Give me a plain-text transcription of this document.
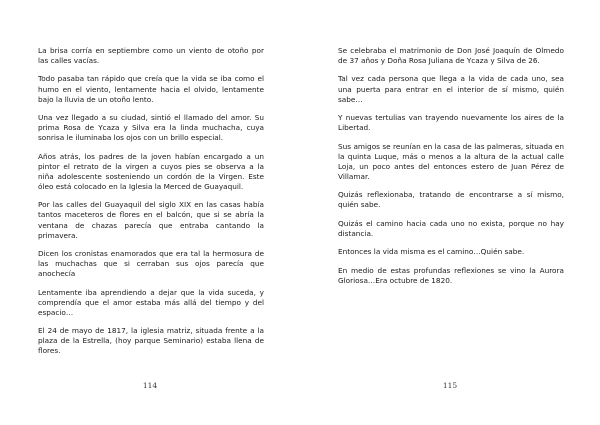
La brisa corría en septiembre como un viento de otoño por las calles vacías.

Todo pasaba tan rápido que creía que la vida se iba como el humo en el viento, lentamente hacia el olvido, lentamente bajo la lluvia de un otoño lento.

Una vez llegado a su ciudad, sintió el llamado del amor. Su prima Rosa de Ycaza y Silva era la linda muchacha, cuya sonrisa le iluminaba los ojos con un brillo especial.

Años atrás, los padres de la joven habían encargado a un pintor el retrato de la virgen a cuyos pies se observa a la niña adolescente sosteniendo un cordón de la Virgen. Este óleo está colocado en la Iglesia la Merced de Guayaquil.

Por las calles del Guayaquil del siglo XIX en las casas había tantos maceteros de flores en el balcón, que si se abría la ventana de chazas parecía que entraba cantando la primavera.

Dicen los cronistas enamorados que era tal la hermosura de las muchachas que si cerraban sus ojos parecía que anochecía

Lentamente iba aprendiendo a dejar que la vida suceda, y comprendía que el amor estaba más allá del tiempo y del espacio…

El 24 de mayo de 1817, la iglesia matriz, situada frente a la plaza de la Estrella, (hoy parque Seminario) estaba llena de flores.

114

Se celebraba el matrimonio de Don José Joaquín de Olmedo de 37 años y Doña Rosa Juliana de Ycaza y Silva de 26.

Tal vez cada persona que llega a la vida de cada uno, sea una puerta para entrar en el interior de sí mismo, quién sabe…

Y nuevas tertulias van trayendo nuevamente los aires de la Libertad.

Sus amigos se reunían en la casa de las palmeras, situada en la quinta Luque, más o menos a la altura de la actual calle Loja, un poco antes del entonces estero de Juan Pérez de Villamar.

Quizás reflexionaba, tratando de encontrarse a sí mismo, quién sabe.

Quizás el camino hacia cada uno no exista, porque no hay distancia.

Entonces la vida misma es el camino…Quién sabe.

En medio de estas profundas reflexiones se vino la Aurora Gloriosa…Era octubre de 1820.

115
